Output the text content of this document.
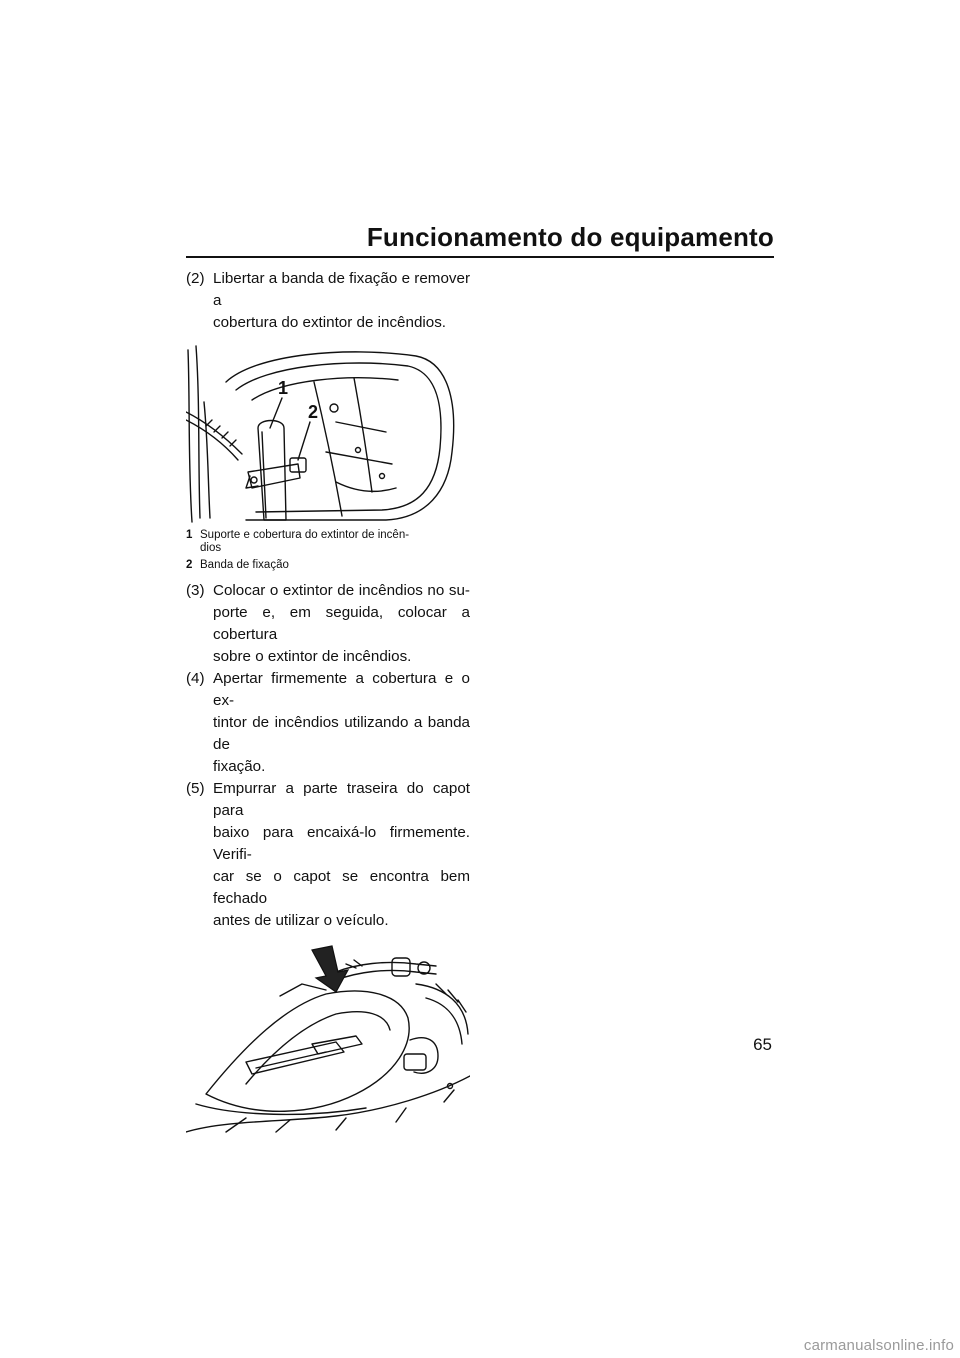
Funcionamento do equipamento
(2) Libertar a banda de fixação e remover a
cobertura do extintor de incêndios.
1
2
1 Suporte e cobertura do extintor de incên-
dios
2 Banda de fixação
(3) Colocar o extintor de incêndios no su-
porte e, em seguida, colocar a cobertura
sobre o extintor de incêndios.
(4) Apertar firmemente a cobertura e o ex-
tintor de incêndios utilizando a banda de
fixação.
(5) Empurrar a parte traseira do capot para
baixo para encaixá-lo firmemente. Verifi-
car se o capot se encontra bem fechado
antes de utilizar o veículo.
65
carmanualsonline.info
